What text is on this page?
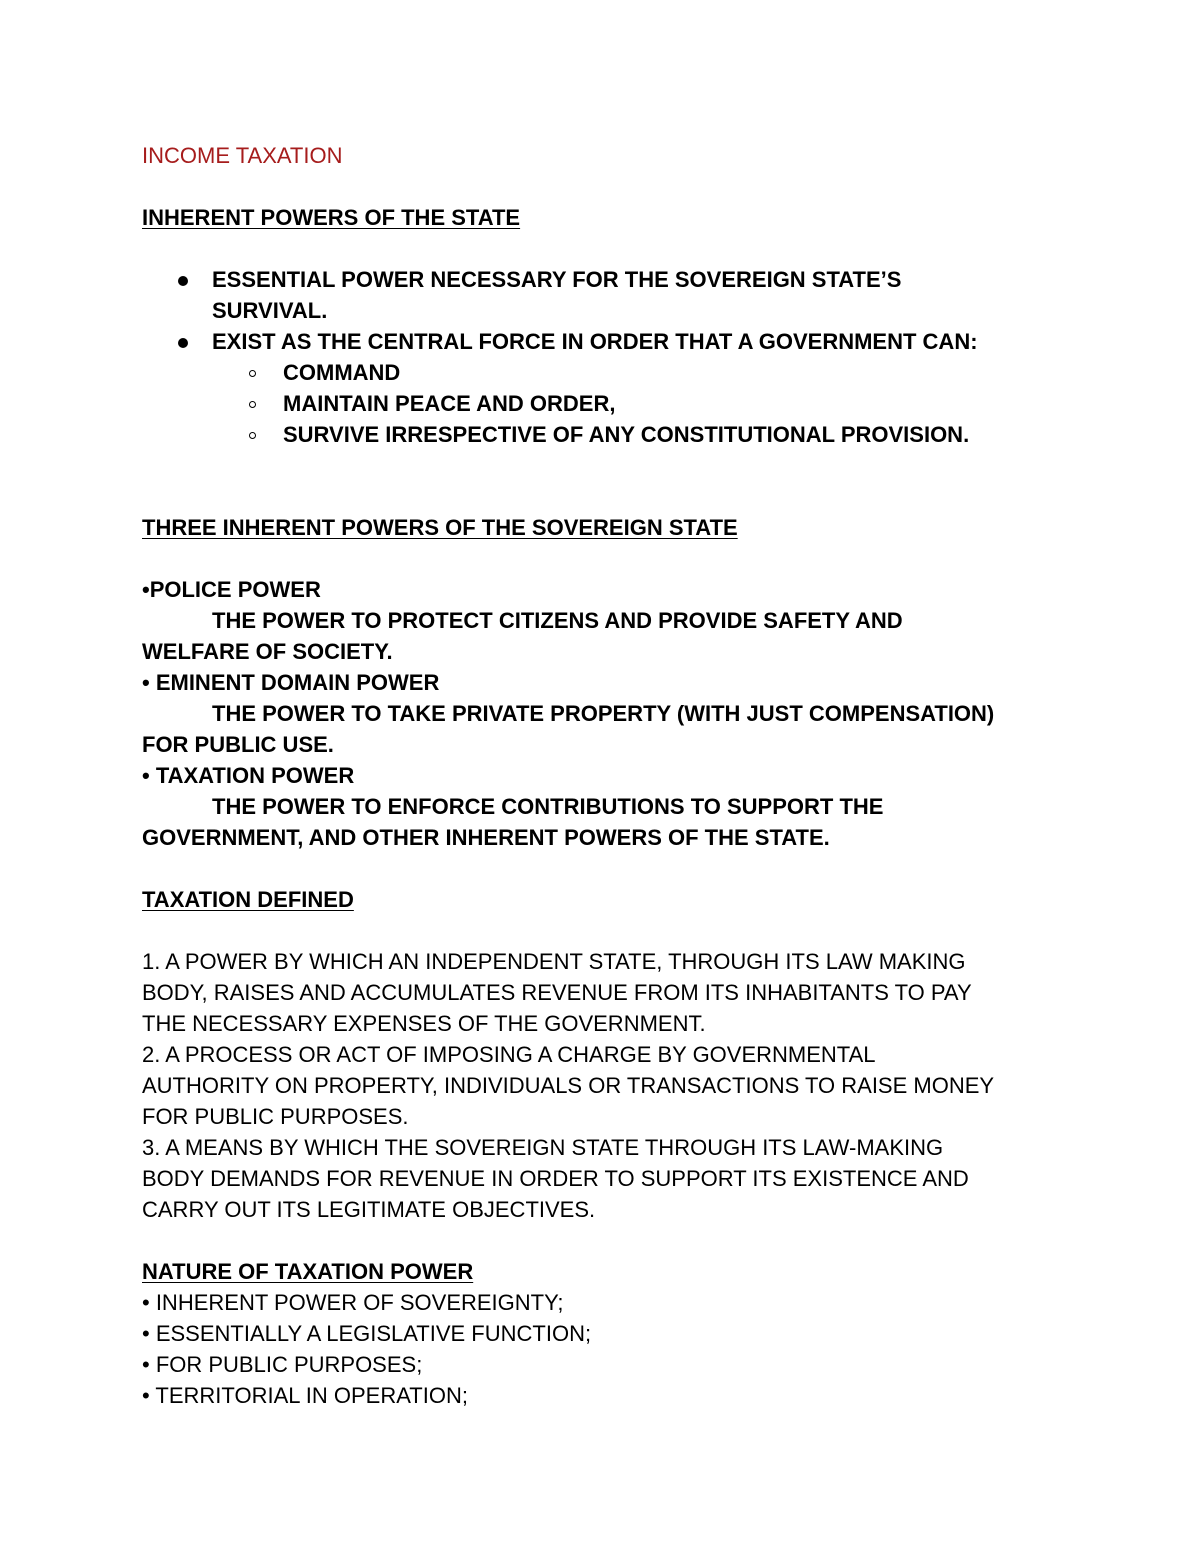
INCOME TAXATION
INHERENT POWERS OF THE STATE
ESSENTIAL POWER NECESSARY FOR THE SOVEREIGN STATE’S
SURVIVAL.
EXIST AS THE CENTRAL FORCE IN ORDER THAT A GOVERNMENT CAN:
COMMAND
MAINTAIN PEACE AND ORDER,
SURVIVE IRRESPECTIVE OF ANY CONSTITUTIONAL PROVISION.
THREE INHERENT POWERS OF THE SOVEREIGN STATE
•POLICE POWER
THE POWER TO PROTECT CITIZENS AND PROVIDE SAFETY AND
WELFARE OF SOCIETY.
• EMINENT DOMAIN POWER
THE POWER TO TAKE PRIVATE PROPERTY (WITH JUST COMPENSATION)
FOR PUBLIC USE.
• TAXATION POWER
THE POWER TO ENFORCE CONTRIBUTIONS TO SUPPORT THE
GOVERNMENT, AND OTHER INHERENT POWERS OF THE STATE.
TAXATION DEFINED
1. A POWER BY WHICH AN INDEPENDENT STATE, THROUGH ITS LAW MAKING
BODY, RAISES AND ACCUMULATES REVENUE FROM ITS INHABITANTS TO PAY
THE NECESSARY EXPENSES OF THE GOVERNMENT.
2. A PROCESS OR ACT OF IMPOSING A CHARGE BY GOVERNMENTAL
AUTHORITY ON PROPERTY, INDIVIDUALS OR TRANSACTIONS TO RAISE MONEY
FOR PUBLIC PURPOSES.
3. A MEANS BY WHICH THE SOVEREIGN STATE THROUGH ITS LAW-MAKING
BODY DEMANDS FOR REVENUE IN ORDER TO SUPPORT ITS EXISTENCE AND
CARRY OUT ITS LEGITIMATE OBJECTIVES.
NATURE OF TAXATION POWER
• INHERENT POWER OF SOVEREIGNTY;
• ESSENTIALLY A LEGISLATIVE FUNCTION;
• FOR PUBLIC PURPOSES;
• TERRITORIAL IN OPERATION;
